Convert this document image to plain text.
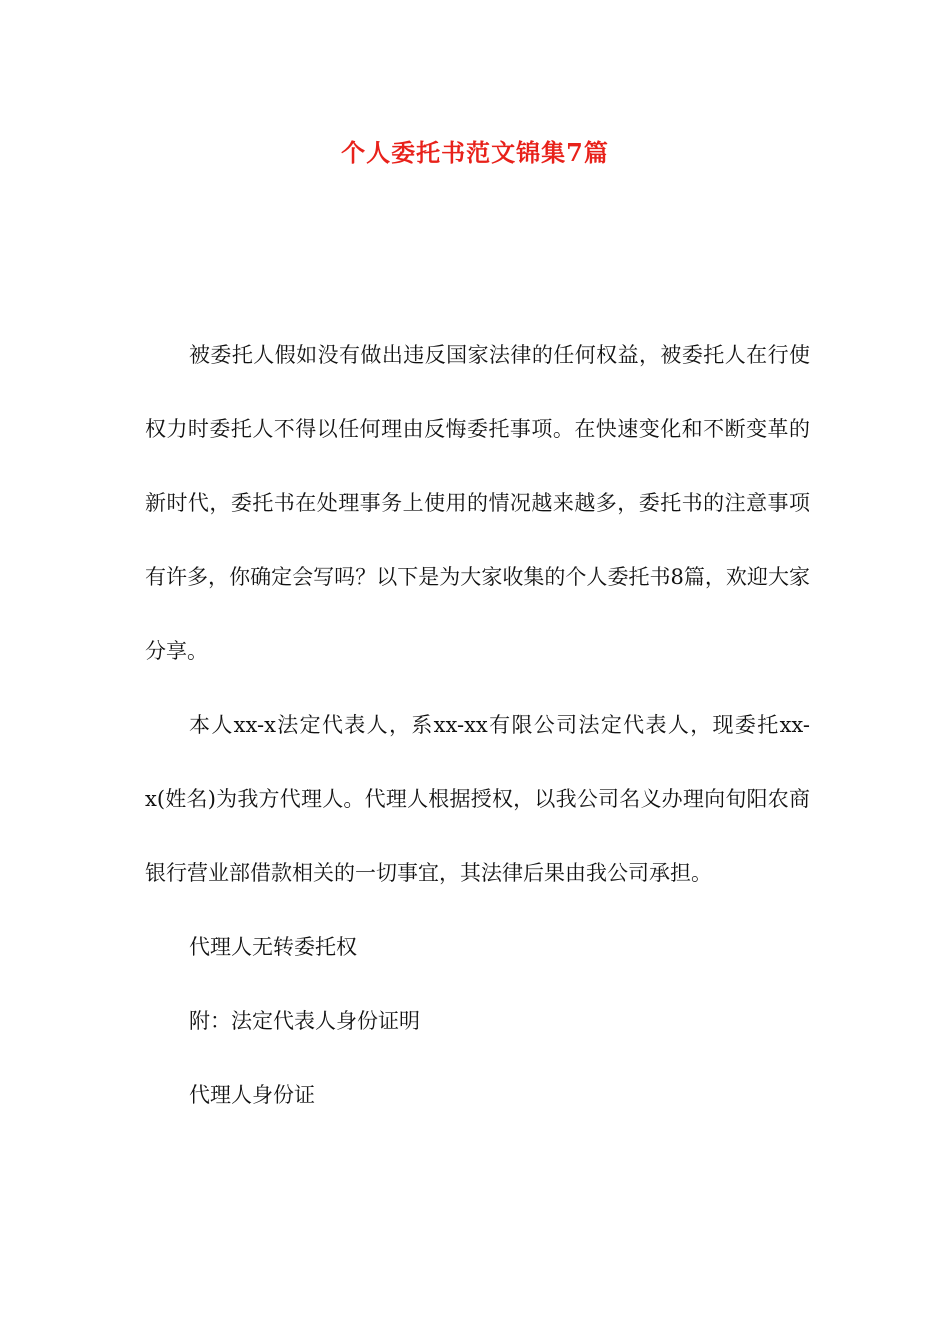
个人委托书范文锦集7篇

被委托人假如没有做出违反国家法律的任何权益，被委托人在行使权力时委托人不得以任何理由反悔委托事项。在快速变化和不断变革的新时代，委托书在处理事务上使用的情况越来越多，委托书的注意事项有许多，你确定会写吗？以下是为大家收集的个人委托书8篇，欢迎大家分享。

本人xx-x法定代表人，系xx-xx有限公司法定代表人，现委托xx-x(姓名)为我方代理人。代理人根据授权，以我公司名义办理向旬阳农商银行营业部借款相关的一切事宜，其法律后果由我公司承担。

代理人无转委托权

附：法定代表人身份证明

代理人身份证
